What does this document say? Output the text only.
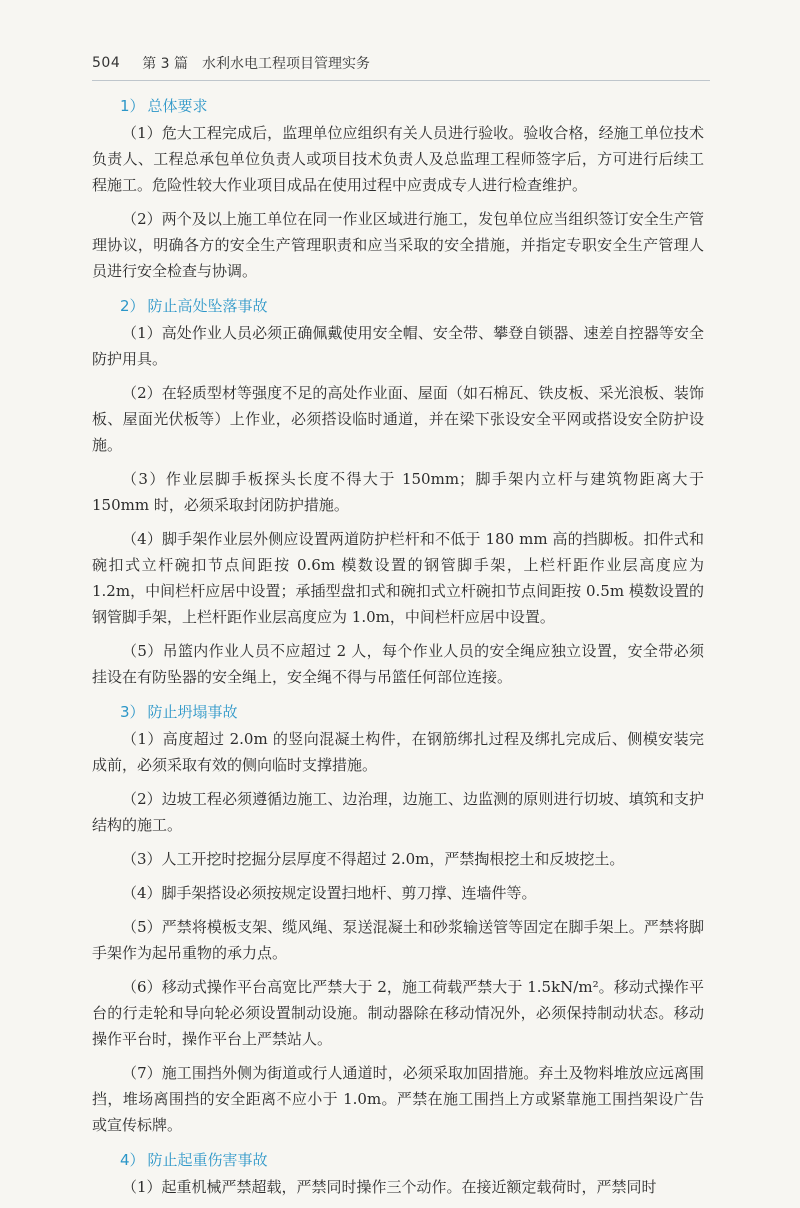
504 第 3 篇 水利水电工程项目管理实务
1） 总体要求

（1）危大工程完成后，监理单位应组织有关人员进行验收。验收合格，经施工单位技术负责人、工程总承包单位负责人或项目技术负责人及总监理工程师签字后，方可进行后续工程施工。危险性较大作业项目成品在使用过程中应责成专人进行检查维护。

（2）两个及以上施工单位在同一作业区域进行施工，发包单位应当组织签订安全生产管理协议，明确各方的安全生产管理职责和应当采取的安全措施，并指定专职安全生产管理人员进行安全检查与协调。

2） 防止高处坠落事故

（1）高处作业人员必须正确佩戴使用安全帽、安全带、攀登自锁器、速差自控器等安全防护用具。

（2）在轻质型材等强度不足的高处作业面、屋面（如石棉瓦、铁皮板、采光浪板、装饰板、屋面光伏板等）上作业，必须搭设临时通道，并在梁下张设安全平网或搭设安全防护设施。

（3）作业层脚手板探头长度不得大于 150mm；脚手架内立杆与建筑物距离大于 150mm 时，必须采取封闭防护措施。

（4）脚手架作业层外侧应设置两道防护栏杆和不低于 180 mm 高的挡脚板。扣件式和碗扣式立杆碗扣节点间距按 0.6m 模数设置的钢管脚手架，上栏杆距作业层高度应为 1.2m，中间栏杆应居中设置；承插型盘扣式和碗扣式立杆碗扣节点间距按 0.5m 模数设置的钢管脚手架，上栏杆距作业层高度应为 1.0m，中间栏杆应居中设置。

（5）吊篮内作业人员不应超过 2 人，每个作业人员的安全绳应独立设置，安全带必须挂设在有防坠器的安全绳上，安全绳不得与吊篮任何部位连接。

3） 防止坍塌事故

（1）高度超过 2.0m 的竖向混凝土构件，在钢筋绑扎过程及绑扎完成后、侧模安装完成前，必须采取有效的侧向临时支撑措施。

（2）边坡工程必须遵循边施工、边治理，边施工、边监测的原则进行切坡、填筑和支护结构的施工。

（3）人工开挖时挖掘分层厚度不得超过 2.0m，严禁掏根挖土和反坡挖土。

（4）脚手架搭设必须按规定设置扫地杆、剪刀撑、连墙件等。

（5）严禁将模板支架、缆风绳、泵送混凝土和砂浆输送管等固定在脚手架上。严禁将脚手架作为起吊重物的承力点。

（6）移动式操作平台高宽比严禁大于 2，施工荷载严禁大于 1.5kN/m²。移动式操作平台的行走轮和导向轮必须设置制动设施。制动器除在移动情况外，必须保持制动状态。移动操作平台时，操作平台上严禁站人。

（7）施工围挡外侧为街道或行人通道时，必须采取加固措施。弃土及物料堆放应远离围挡，堆场离围挡的安全距离不应小于 1.0m。严禁在施工围挡上方或紧靠施工围挡架设广告或宣传标牌。

4） 防止起重伤害事故

（1）起重机械严禁超载，严禁同时操作三个动作。在接近额定载荷时，严禁同时
